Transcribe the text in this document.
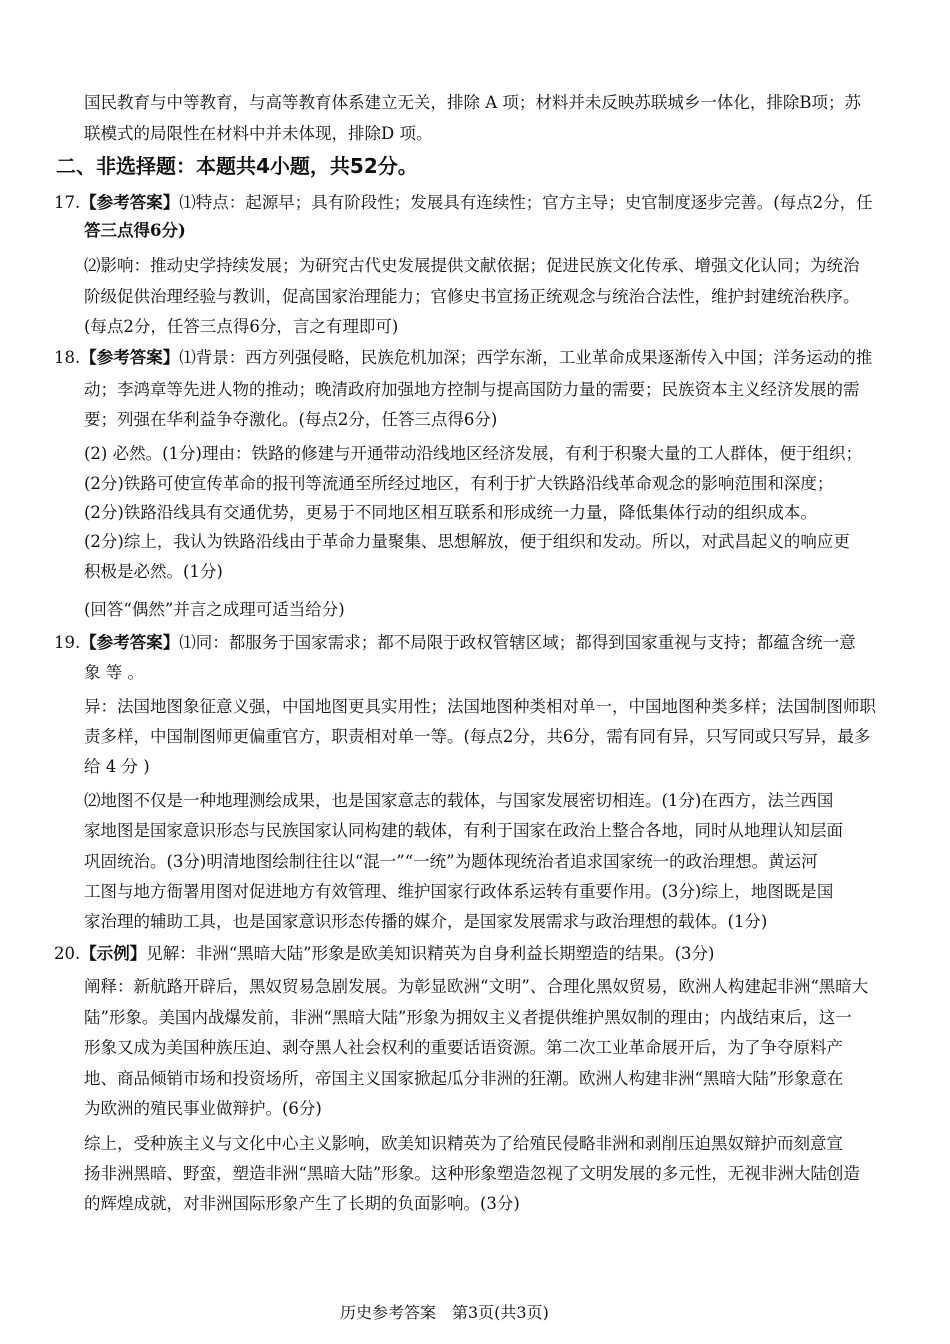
国民教育与中等教育，与高等教育体系建立无关，排除 A 项；材料并未反映苏联城乡一体化，排除B项；苏
联模式的局限性在材料中并未体现，排除D 项。
二、非选择题：本题共4小题，共52分。
17.【参考答案】⑴特点：起源早；具有阶段性；发展具有连续性；官方主导；史官制度逐步完善。(每点2分，任
答三点得6分)
⑵影响：推动史学持续发展；为研究古代史发展提供文献依据；促进民族文化传承、增强文化认同；为统治
阶级促供治理经验与教训，促高国家治理能力；官修史书宣扬正统观念与统治合法性，维护封建统治秩序。
(每点2分，任答三点得6分，言之有理即可)
18.【参考答案】⑴背景：西方列强侵略，民族危机加深；西学东渐，工业革命成果逐渐传入中国；洋务运动的推
动；李鸿章等先进人物的推动；晚清政府加强地方控制与提高国防力量的需要；民族资本主义经济发展的需
要；列强在华利益争夺激化。(每点2分，任答三点得6分)
(2) 必然。(1分)理由：铁路的修建与开通带动沿线地区经济发展，有利于积聚大量的工人群体，便于组织；
(2分)铁路可使宣传革命的报刊等流通至所经过地区，有利于扩大铁路沿线革命观念的影响范围和深度；
(2分)铁路沿线具有交通优势，更易于不同地区相互联系和形成统一力量，降低集体行动的组织成本。
(2分)综上，我认为铁路沿线由于革命力量聚集、思想解放，便于组织和发动。所以，对武昌起义的响应更
积极是必然。(1分)
(回答“偶然”并言之成理可适当给分)
19.【参考答案】⑴同：都服务于国家需求；都不局限于政权管辖区域；都得到国家重视与支持；都蕴含统一意
象 等 。
异：法国地图象征意义强，中国地图更具实用性；法国地图种类相对单一，中国地图种类多样；法国制图师职
责多样，中国制图师更偏重官方，职责相对单一等。(每点2分，共6分，需有同有异，只写同或只写异，最多
给 4 分 )
⑵地图不仅是一种地理测绘成果，也是国家意志的载体，与国家发展密切相连。(1分)在西方，法兰西国
家地图是国家意识形态与民族国家认同构建的载体，有利于国家在政治上整合各地，同时从地理认知层面
巩固统治。(3分)明清地图绘制往往以“混一”“一统”为题体现统治者追求国家统一的政治理想。黄运河
工图与地方衙署用图对促进地方有效管理、维护国家行政体系运转有重要作用。(3分)综上，地图既是国
家治理的辅助工具，也是国家意识形态传播的媒介，是国家发展需求与政治理想的载体。(1分)
20.【示例】见解：非洲“黑暗大陆”形象是欧美知识精英为自身利益长期塑造的结果。(3分)
阐释：新航路开辟后，黑奴贸易急剧发展。为彰显欧洲“文明”、合理化黑奴贸易，欧洲人构建起非洲“黑暗大
陆”形象。美国内战爆发前，非洲“黑暗大陆”形象为拥奴主义者提供维护黑奴制的理由；内战结束后，这一
形象又成为美国种族压迫、剥夺黑人社会权利的重要话语资源。第二次工业革命展开后，为了争夺原料产
地、商品倾销市场和投资场所，帝国主义国家掀起瓜分非洲的狂潮。欧洲人构建非洲“黑暗大陆”形象意在
为欧洲的殖民事业做辩护。(6分)
综上，受种族主义与文化中心主义影响，欧美知识精英为了给殖民侵略非洲和剥削压迫黑奴辩护而刻意宣
扬非洲黑暗、野蛮，塑造非洲“黑暗大陆”形象。这种形象塑造忽视了文明发展的多元性，无视非洲大陆创造
的辉煌成就，对非洲国际形象产生了长期的负面影响。(3分)
历史参考答案　第3页(共3页)
